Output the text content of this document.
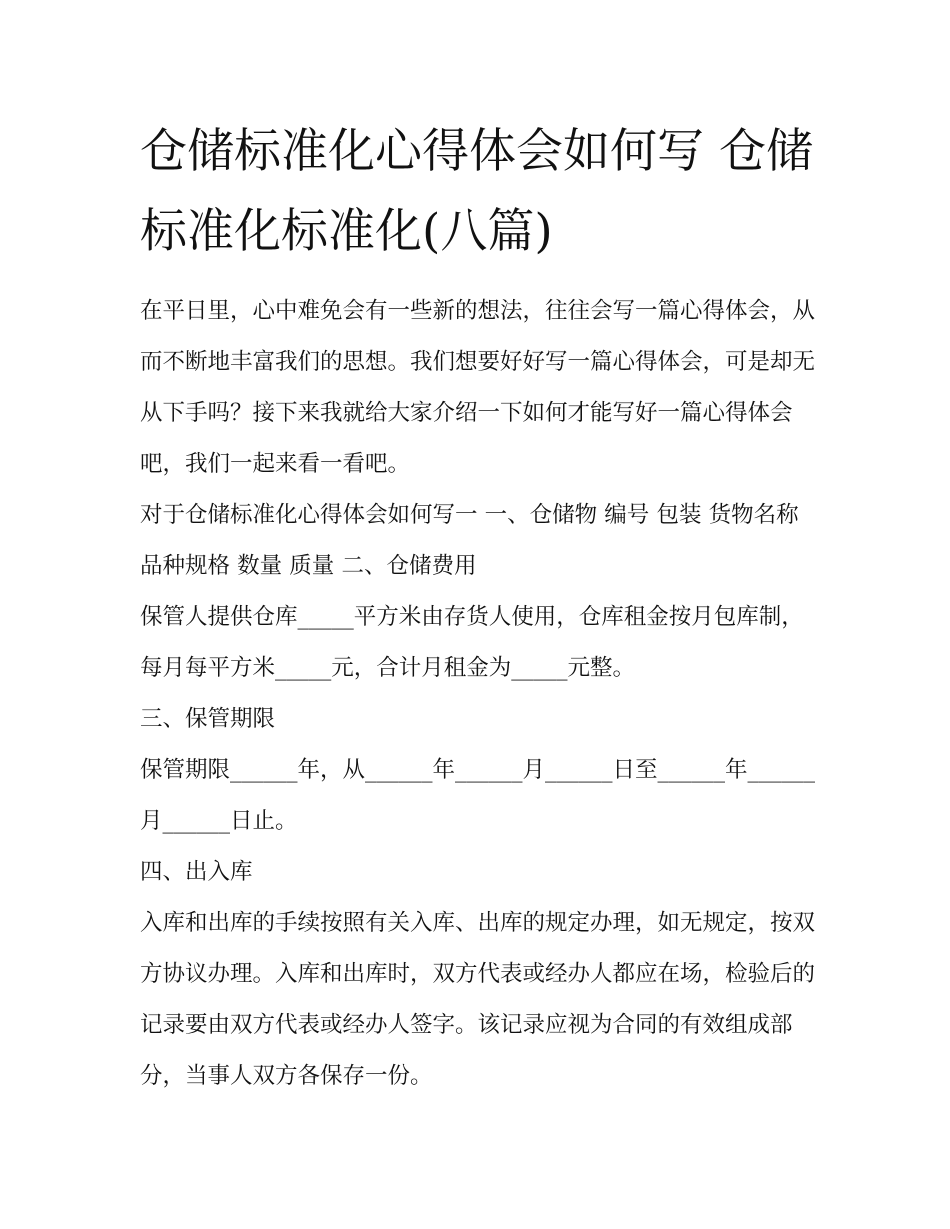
仓储标准化心得体会如何写 仓储标准化标准化(八篇)

在平日里，心中难免会有一些新的想法，往往会写一篇心得体会，从而不断地丰富我们的思想。我们想要好好写一篇心得体会，可是却无从下手吗？接下来我就给大家介绍一下如何才能写好一篇心得体会吧，我们一起来看一看吧。

对于仓储标准化心得体会如何写一 一、仓储物 编号 包装 货物名称 品种规格 数量 质量 二、仓储费用

保管人提供仓库_____平方米由存货人使用，仓库租金按月包库制，每月每平方米_____元，合计月租金为_____元整。

三、保管期限

保管期限______年，从______年______月______日至______年______月______日止。

四、出入库

入库和出库的手续按照有关入库、出库的规定办理，如无规定，按双方协议办理。入库和出库时，双方代表或经办人都应在场，检验后的记录要由双方代表或经办人签字。该记录应视为合同的有效组成部分，当事人双方各保存一份。
